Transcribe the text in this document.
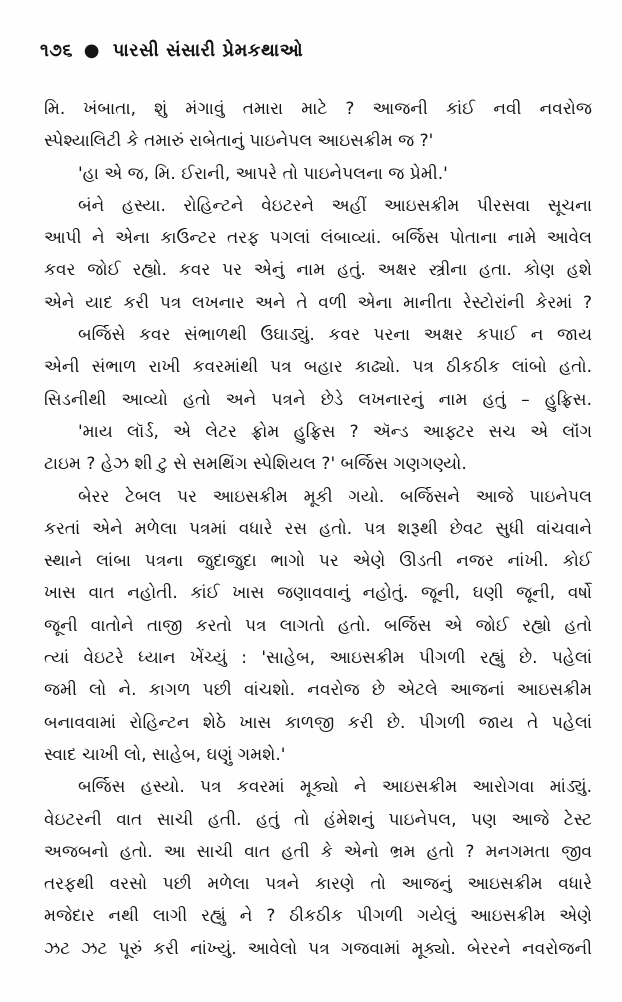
૧૭૬ ● પારસી સંસારી પ્રેમકથાઓ
મિ. ખંબાતા, શું મંગાવું તમારા માટે ? આજની કાંઈ નવી નવરોજ
સ્પેશ્યાલિટી કે તમારું રાબેતાનું પાઇનેપલ આઇસક્રીમ જ ?'
'હા એ જ, મિ. ઈરાની, આપરે તો પાઇનેપલના જ પ્રેમી.'
બંને હસ્યા. રોહિન્ટને વેઇટરને અહીં આઇસક્રીમ પીરસવા સૂચના
આપી ને એના કાઉન્ટર તરફ પગલાં લંબાવ્યાં. બર્જિસ પોતાના નામે આવેલ
કવર જોઈ રહ્યો. કવર પર એનું નામ હતું. અક્ષર સ્ત્રીના હતા. કોણ હશે
એને યાદ કરી પત્ર લખનાર અને તે વળી એના માનીતા રેસ્ટોરાંની કેરમાં ?
બર્જિસે કવર સંભાળથી ઉઘાડ્યું. કવર પરના અક્ષર કપાઈ ન જાય
એની સંભાળ રાખી કવરમાંથી પત્ર બહાર કાઢ્યો. પત્ર ઠીકઠીક લાંબો હતો.
સિડનીથી આવ્યો હતો અને પત્રને છેડે લખનારનું નામ હતું – હુફ્રિસ.
'માય લૉર્ડ, એ લેટર ફ્રોમ હુફ્રિસ ? ઍન્ડ આફ્ટર સચ એ લૉંગ
ટાઇમ ? હેઝ શી ટુ સે સમથિંગ સ્પેશિયલ ?' બર્જિસ ગણગણ્યો.
બેરર ટેબલ પર આઇસક્રીમ મૂકી ગયો. બર્જિસને આજે પાઇનેપલ
કરતાં એને મળેલા પત્રમાં વધારે રસ હતો. પત્ર શરૂથી છેવટ સુધી વાંચવાને
સ્થાને લાંબા પત્રના જુદાજુદા ભાગો પર એણે ઊડતી નજર નાંખી. કોઈ
ખાસ વાત નહોતી. કાંઈ ખાસ જણાવવાનું નહોતું. જૂની, ઘણી જૂની, વર્ષો
જૂની વાતોને તાજી કરતો પત્ર લાગતો હતો. બર્જિસ એ જોઈ રહ્યો હતો
ત્યાં વેઇટરે ધ્યાન ખેંચ્યું : 'સાહેબ, આઇસક્રીમ પીગળી રહ્યું છે. પહેલાં
જમી લો ને. કાગળ પછી વાંચશો. નવરોજ છે એટલે આજનાં આઇસક્રીમ
બનાવવામાં રોહિન્ટન શેઠે ખાસ કાળજી કરી છે. પીગળી જાય તે પહેલાં
સ્વાદ ચાખી લો, સાહેબ, ઘણું ગમશે.'
બર્જિસ હસ્યો. પત્ર કવરમાં મૂક્યો ને આઇસક્રીમ આરોગવા માંડ્યું.
વેઇટરની વાત સાચી હતી. હતું તો હંમેશનું પાઇનેપલ, પણ આજે ટેસ્ટ
અજબનો હતો. આ સાચી વાત હતી કે એનો ભ્રમ હતો ? મનગમતા જીવ
તરફથી વરસો પછી મળેલા પત્રને કારણે તો આજનું આઇસક્રીમ વધારે
મજેદાર નથી લાગી રહ્યું ને ? ઠીકઠીક પીગળી ગયેલું આઇસક્રીમ એણે
ઝટ ઝટ પૂરું કરી નાંખ્યું. આવેલો પત્ર ગજવામાં મૂક્યો. બેરરને નવરોજની
